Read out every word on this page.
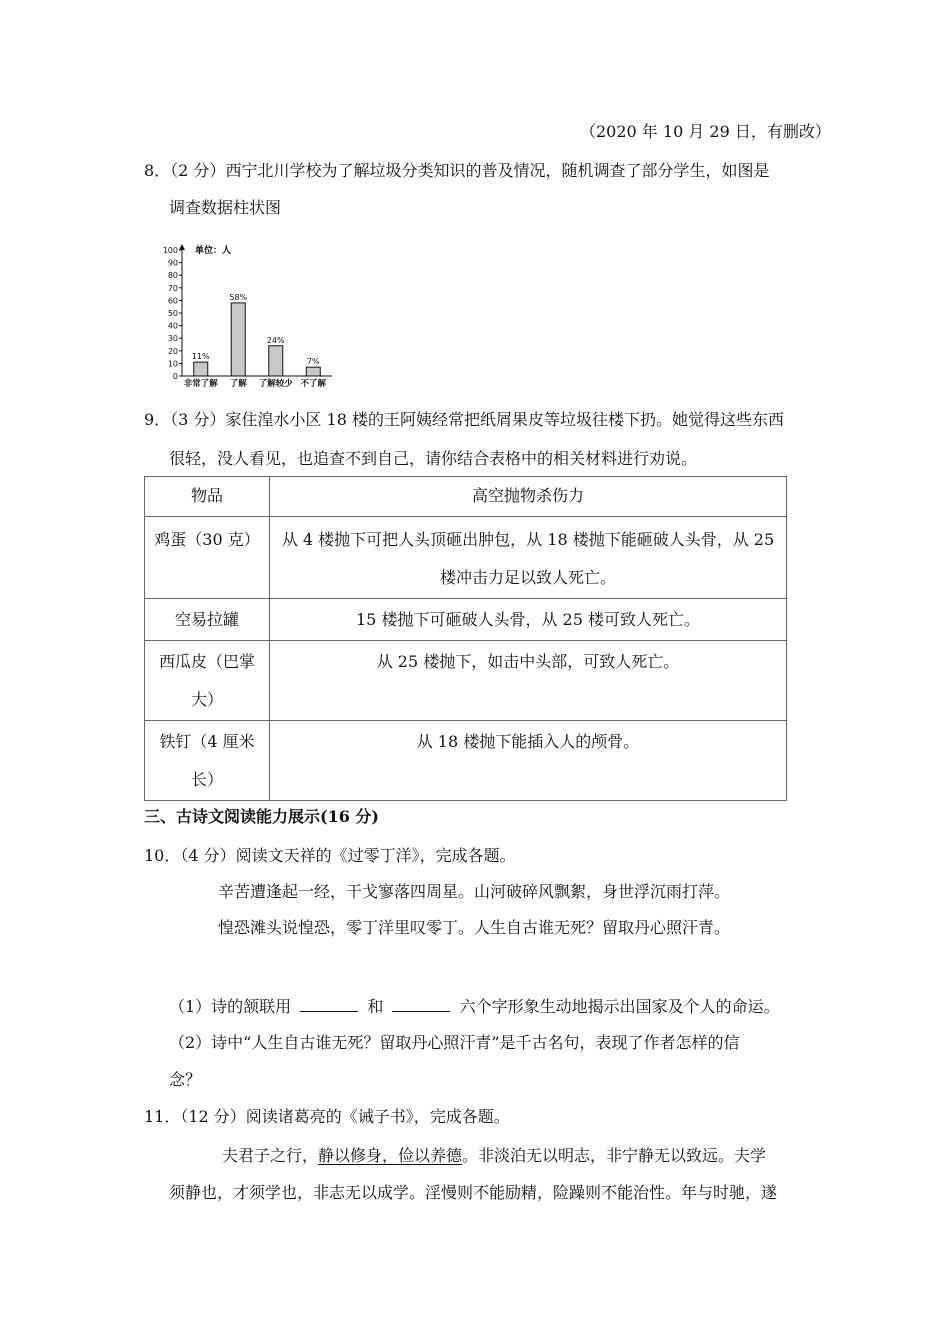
（2020 年 10 月 29 日，有删改）
8．（2 分）西宁北川学校为了解垃圾分类知识的普及情况，随机调查了部分学生，如图是
调查数据柱状图
0
10
20
30
40
50
60
70
80
90
100
11%
非常了解
58%
了解
24%
了解较少
7%
不了解
单位：人
9．（3 分）家住湟水小区 18 楼的王阿姨经常把纸屑果皮等垃圾往楼下扔。她觉得这些东西
很轻，没人看见，也追查不到自己，请你结合表格中的相关材料进行劝说。
物品	高空抛物杀伤力

鸡蛋（30 克）	从 4 楼抛下可把人头顶砸出肿包，从 18 楼抛下能砸破人头骨，从 25
楼冲击力足以致人死亡。

空易拉罐	15 楼抛下可砸破人头骨，从 25 楼可致人死亡。

西瓜皮（巴掌
大）	从 25 楼抛下，如击中头部，可致人死亡。

铁钉（4 厘米
长）	从 18 楼抛下能插入人的颅骨。
三、古诗文阅读能力展示(16 分)
10．（4 分）阅读文天祥的《过零丁洋》，完成各题。
辛苦遭逢起一经，干戈寥落四周星。山河破碎风飘絮，身世浮沉雨打萍。
惶恐滩头说惶恐，零丁洋里叹零丁。人生自古谁无死？留取丹心照汗青。
（1）诗的颔联用	和	六个字形象生动地揭示出国家及个人的命运。
（2）诗中“人生自古谁无死？留取丹心照汗青”是千古名句，表现了作者怎样的信
念？
11．（12 分）阅读诸葛亮的《诫子书》，完成各题。
夫君子之行，静以修身，俭以养德。非淡泊无以明志，非宁静无以致远。夫学
须静也，才须学也，非志无以成学。淫慢则不能励精，险躁则不能治性。年与时驰，遂
